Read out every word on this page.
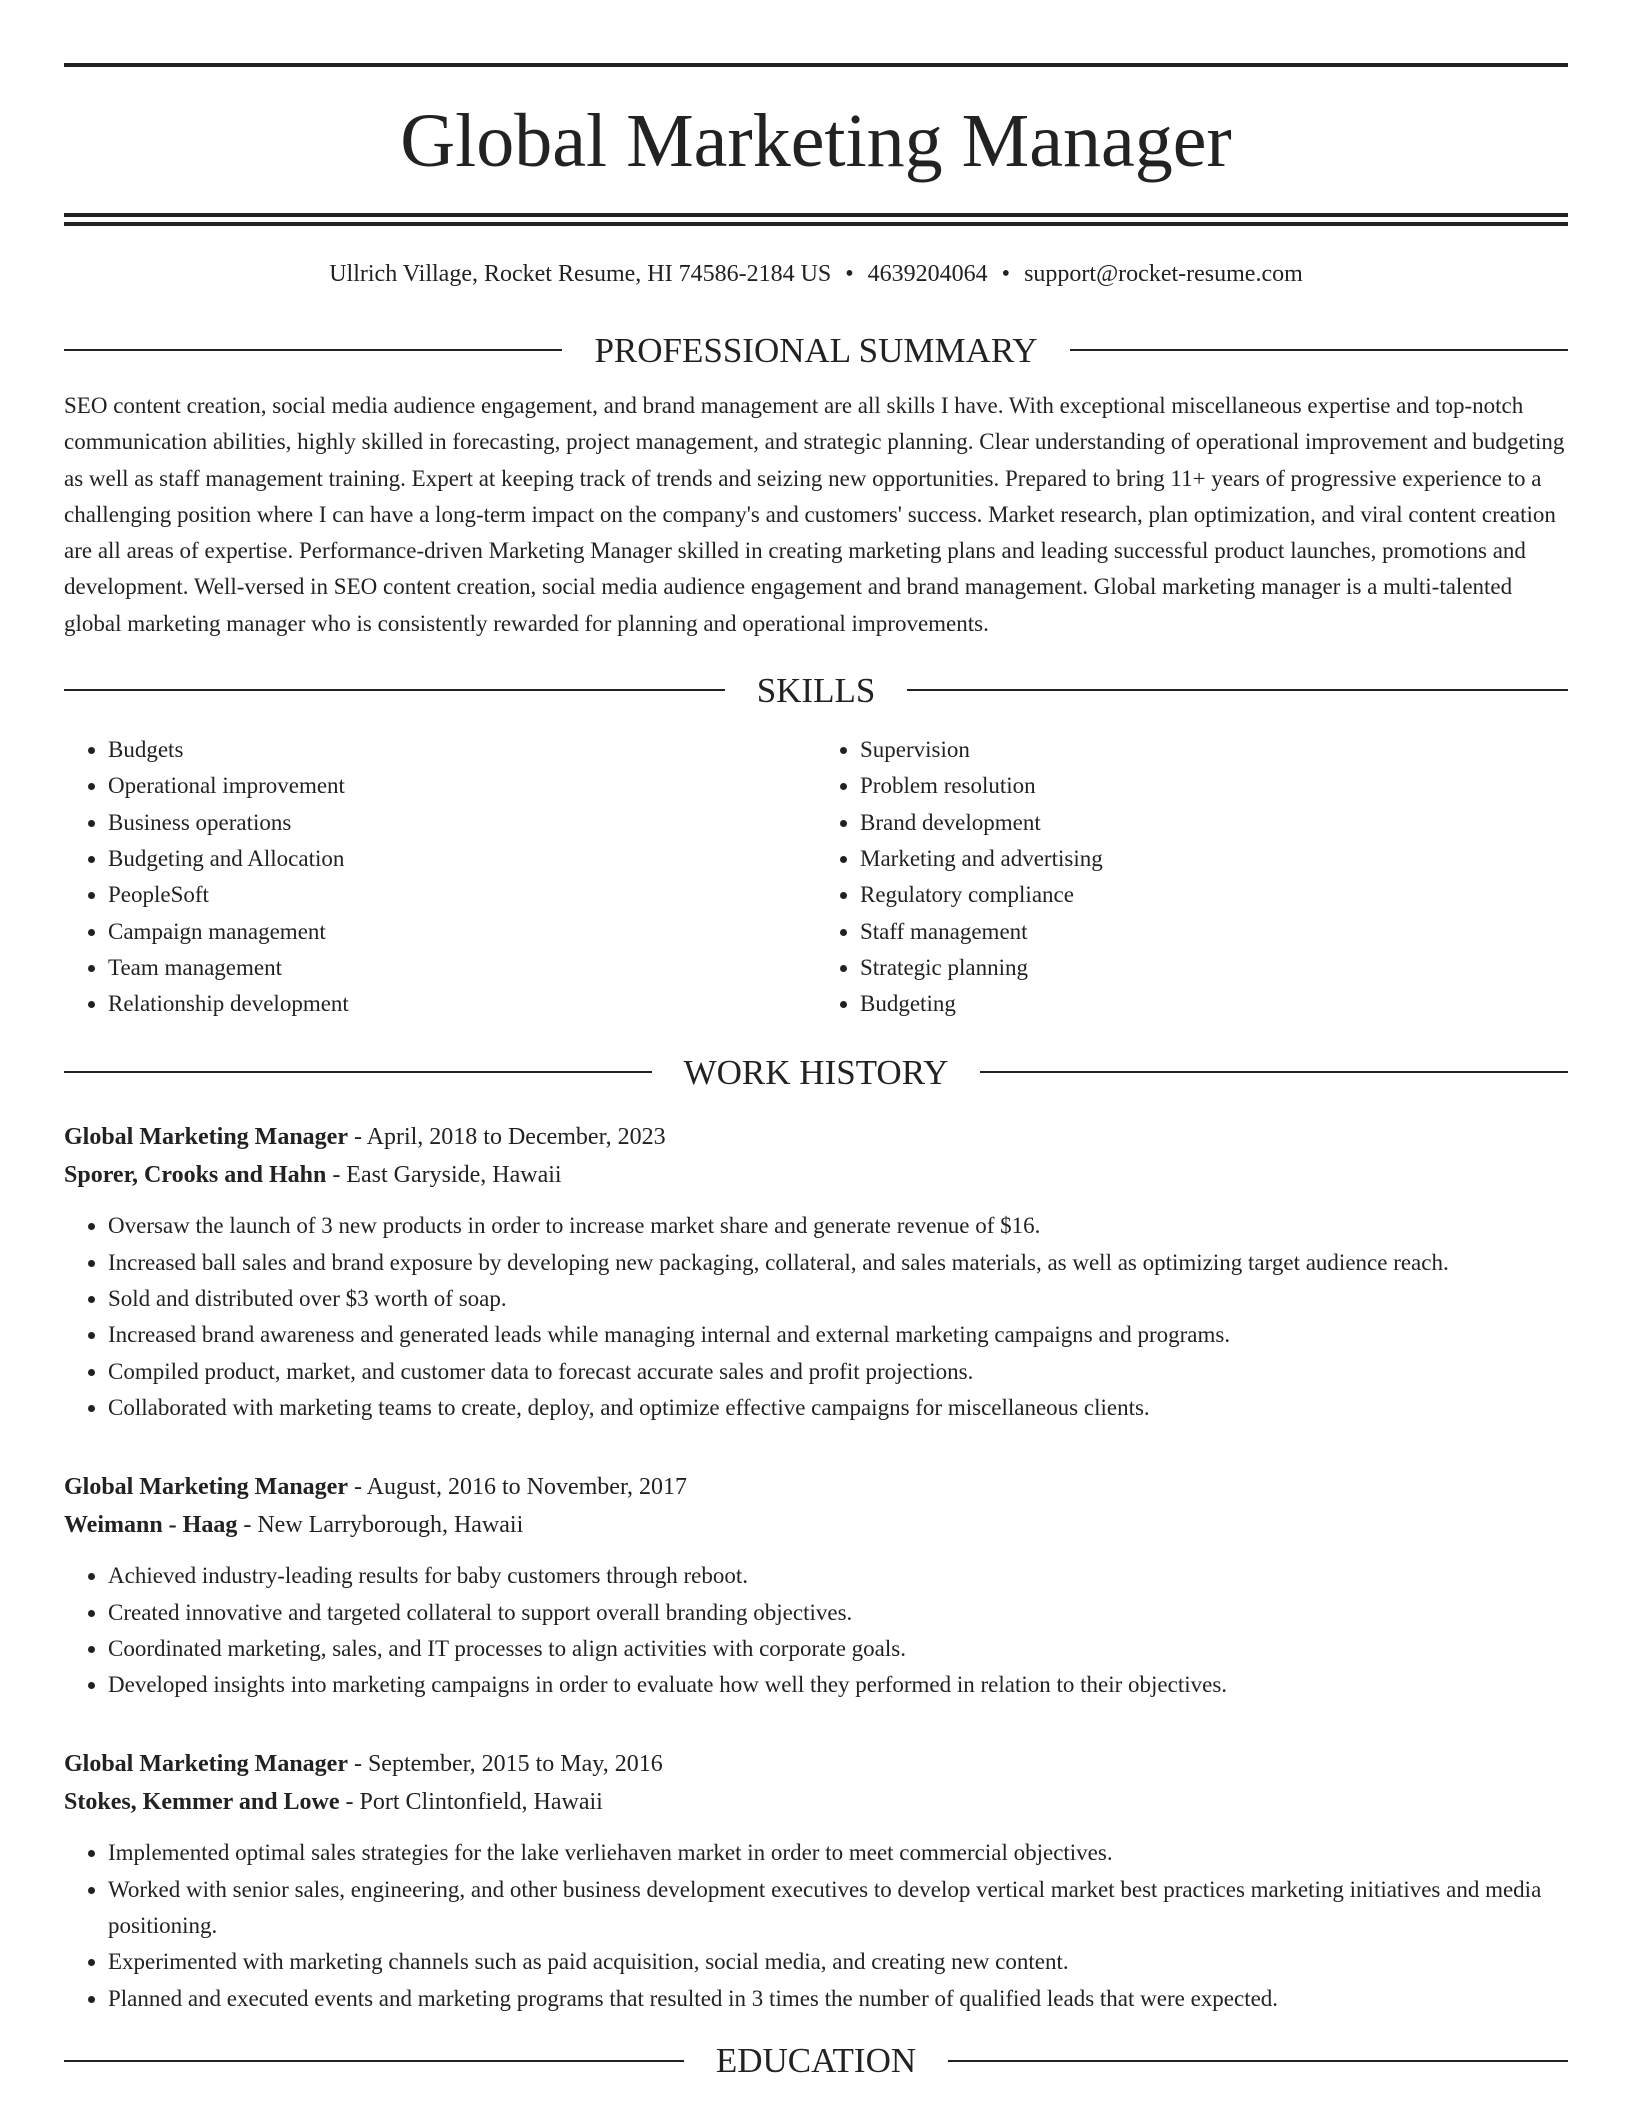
Global Marketing Manager
Ullrich Village, Rocket Resume, HI 74586-2184 US • 4639204064 • support@rocket-resume.com
PROFESSIONAL SUMMARY

SEO content creation, social media audience engagement, and brand management are all skills I have. With exceptional miscellaneous expertise and top-notch communication abilities, highly skilled in forecasting, project management, and strategic planning. Clear understanding of operational improvement and budgeting as well as staff management training. Expert at keeping track of trends and seizing new opportunities. Prepared to bring 11+ years of progressive experience to a challenging position where I can have a long-term impact on the company's and customers' success. Market research, plan optimization, and viral content creation are all areas of expertise. Performance-driven Marketing Manager skilled in creating marketing plans and leading successful product launches, promotions and development. Well-versed in SEO content creation, social media audience engagement and brand management. Global marketing manager is a multi-talented global marketing manager who is consistently rewarded for planning and operational improvements.

SKILLS
• Budgets
• Operational improvement
• Business operations
• Budgeting and Allocation
• PeopleSoft
• Campaign management
• Team management
• Relationship development
• Supervision
• Problem resolution
• Brand development
• Marketing and advertising
• Regulatory compliance
• Staff management
• Strategic planning
• Budgeting
WORK HISTORY
Global Marketing Manager - April, 2018 to December, 2023
Sporer, Crooks and Hahn - East Garyside, Hawaii
• Oversaw the launch of 3 new products in order to increase market share and generate revenue of $16.
• Increased ball sales and brand exposure by developing new packaging, collateral, and sales materials, as well as optimizing target audience reach.
• Sold and distributed over $3 worth of soap.
• Increased brand awareness and generated leads while managing internal and external marketing campaigns and programs.
• Compiled product, market, and customer data to forecast accurate sales and profit projections.
• Collaborated with marketing teams to create, deploy, and optimize effective campaigns for miscellaneous clients.
Global Marketing Manager - August, 2016 to November, 2017
Weimann - Haag - New Larryborough, Hawaii
• Achieved industry-leading results for baby customers through reboot.
• Created innovative and targeted collateral to support overall branding objectives.
• Coordinated marketing, sales, and IT processes to align activities with corporate goals.
• Developed insights into marketing campaigns in order to evaluate how well they performed in relation to their objectives.
Global Marketing Manager - September, 2015 to May, 2016
Stokes, Kemmer and Lowe - Port Clintonfield, Hawaii
• Implemented optimal sales strategies for the lake verliehaven market in order to meet commercial objectives.
• Worked with senior sales, engineering, and other business development executives to develop vertical market best practices marketing initiatives and media positioning.
• Experimented with marketing channels such as paid acquisition, social media, and creating new content.
• Planned and executed events and marketing programs that resulted in 3 times the number of qualified leads that were expected.
EDUCATION
